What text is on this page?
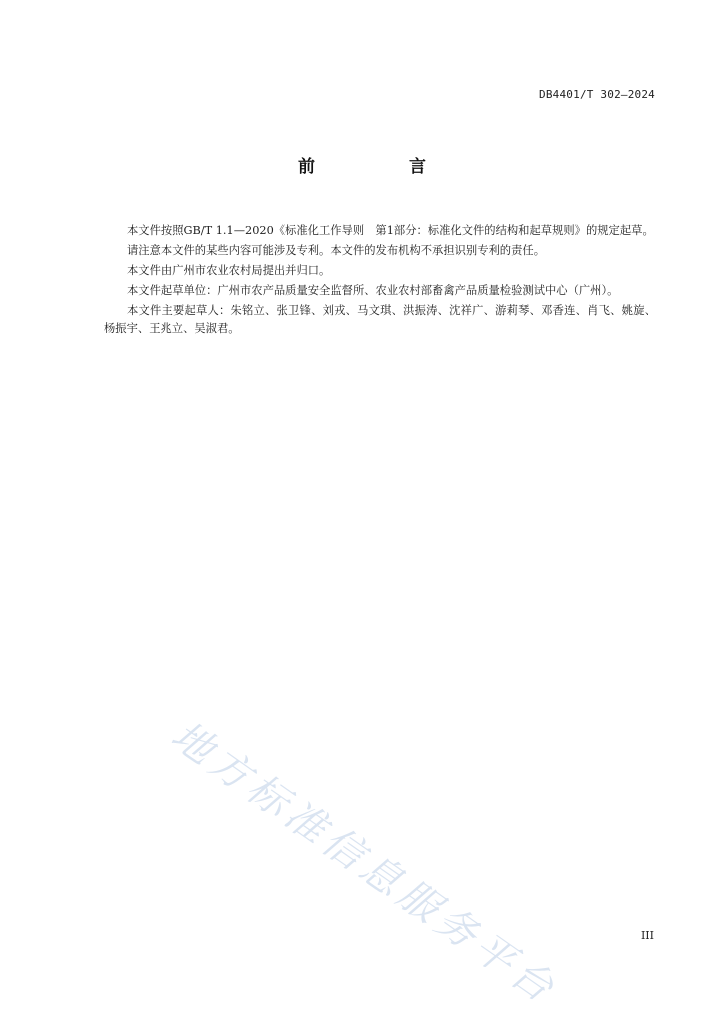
DB4401/T 302—2024
前 言

本文件按照GB/T 1.1—2020《标准化工作导则　第1部分：标准化文件的结构和起草规则》的规定起草。

请注意本文件的某些内容可能涉及专利。本文件的发布机构不承担识别专利的责任。

本文件由广州市农业农村局提出并归口。

本文件起草单位：广州市农产品质量安全监督所、农业农村部畜禽产品质量检验测试中心（广州）。

本文件主要起草人：朱铭立、张卫锋、刘戎、马文琪、洪振涛、沈祥广、游莉琴、邓香连、肖飞、姚旋、杨振宇、王兆立、吴淑君。

地方标准信息服务平台	III
